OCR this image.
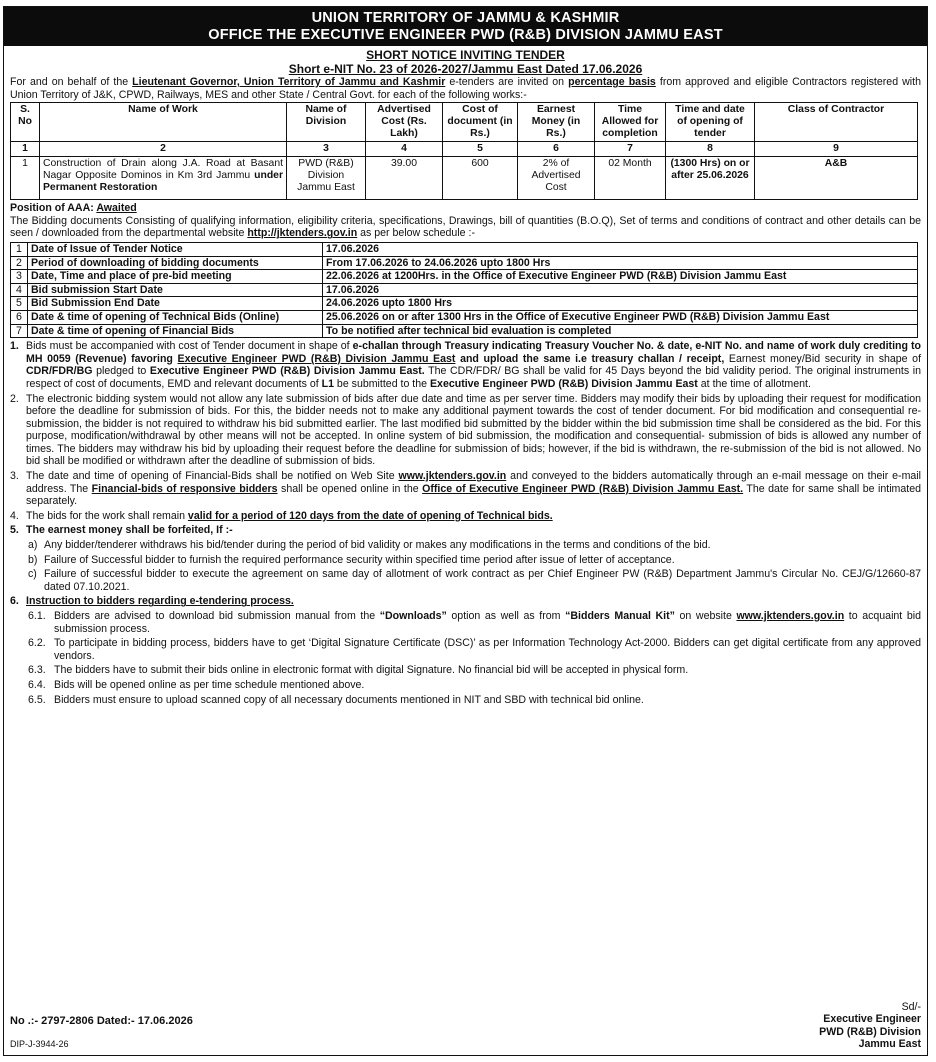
UNION TERRITORY OF JAMMU & KASHMIR
OFFICE THE EXECUTIVE ENGINEER PWD (R&B) DIVISION JAMMU EAST
SHORT NOTICE INVITING TENDER
Short e-NIT No. 23 of 2026-2027/Jammu East Dated 17.06.2026
For and on behalf of the Lieutenant Governor, Union Territory of Jammu and Kashmir e-tenders are invited on percentage basis from approved and eligible Contractors registered with Union Territory of J&K, CPWD, Railways, MES and other State / Central Govt. for each of the following works:-
S. No	Name of Work	Name of Division	Advertised Cost (Rs. Lakh)	Cost of document (in Rs.)	Earnest Money (in Rs.)	Time Allowed for completion	Time and date of opening of tender	Class of Contractor
1	2	3	4	5	6	7	8	9
1	Construction of Drain along J.A. Road at Basant Nagar Opposite Dominos in Km 3rd Jammu under Permanent Restoration	PWD (R&B) Division Jammu East	39.00	600	2% of Advertised Cost	02 Month	(1300 Hrs) on or after 25.06.2026	A&B
Position of AAA: Awaited
The Bidding documents Consisting of qualifying information, eligibility criteria, specifications, Drawings, bill of quantities (B.O.Q), Set of terms and conditions of contract and other details can be seen / downloaded from the departmental website http://jktenders.gov.in as per below schedule :-
1	Date of Issue of Tender Notice	17.06.2026
2	Period of downloading of bidding documents	From 17.06.2026 to 24.06.2026 upto 1800 Hrs
3	Date, Time and place of pre-bid meeting	22.06.2026 at 1200Hrs. in the Office of Executive Engineer PWD (R&B) Division Jammu East
4	Bid submission Start Date	17.06.2026
5	Bid Submission End Date	24.06.2026 upto 1800 Hrs
6	Date & time of opening of Technical Bids (Online)	25.06.2026 on or after 1300 Hrs in the Office of Executive Engineer PWD (R&B) Division Jammu East
7	Date & time of opening of Financial Bids	To be notified after technical bid evaluation is completed
1. Bids must be accompanied with cost of Tender document in shape of e-challan through Treasury indicating Treasury Voucher No. & date, e-NIT No. and name of work duly crediting to MH 0059 (Revenue) favoring Executive Engineer PWD (R&B) Division Jammu East and upload the same i.e treasury challan / receipt, Earnest money/Bid security in shape of CDR/FDR/BG pledged to Executive Engineer PWD (R&B) Division Jammu East. The CDR/FDR/ BG shall be valid for 45 Days beyond the bid validity period. The original instruments in respect of cost of documents, EMD and relevant documents of L1 be submitted to the Executive Engineer PWD (R&B) Division Jammu East at the time of allotment.
2. The electronic bidding system would not allow any late submission of bids after due date and time as per server time. Bidders may modify their bids by uploading their request for modification before the deadline for submission of bids. For this, the bidder needs not to make any additional payment towards the cost of tender document. For bid modification and consequential re-submission, the bidder is not required to withdraw his bid submitted earlier. The last modified bid submitted by the bidder within the bid submission time shall be considered as the bid. For this purpose, modification/withdrawal by other means will not be accepted. In online system of bid submission, the modification and consequential- submission of bids is allowed any number of times. The bidders may withdraw his bid by uploading their request before the deadline for submission of bids; however, if the bid is withdrawn, the re-submission of the bid is not allowed. No bid shall be modified or withdrawn after the deadline of submission of bids.
3. The date and time of opening of Financial-Bids shall be notified on Web Site www.jktenders.gov.in and conveyed to the bidders automatically through an e-mail message on their e-mail address. The Financial-bids of responsive bidders shall be opened online in the Office of Executive Engineer PWD (R&B) Division Jammu East. The date for same shall be intimated separately.
4. The bids for the work shall remain valid for a period of 120 days from the date of opening of Technical bids.
5. The earnest money shall be forfeited, If :-
a) Any bidder/tenderer withdraws his bid/tender during the period of bid validity or makes any modifications in the terms and conditions of the bid.
b) Failure of Successful bidder to furnish the required performance security within specified time period after issue of letter of acceptance.
c) Failure of successful bidder to execute the agreement on same day of allotment of work contract as per Chief Engineer PW (R&B) Department Jammu's Circular No. CEJ/G/12660-87 dated 07.10.2021.
6. Instruction to bidders regarding e-tendering process.
6.1. Bidders are advised to download bid submission manual from the “Downloads” option as well as from “Bidders Manual Kit” on website www.jktenders.gov.in to acquaint bid submission process.
6.2. To participate in bidding process, bidders have to get ‘Digital Signature Certificate (DSC)’ as per Information Technology Act-2000. Bidders can get digital certificate from any approved vendors.
6.3. The bidders have to submit their bids online in electronic format with digital Signature. No financial bid will be accepted in physical form.
6.4. Bids will be opened online as per time schedule mentioned above.
6.5. Bidders must ensure to upload scanned copy of all necessary documents mentioned in NIT and SBD with technical bid online.
Sd/-
Executive Engineer
PWD (R&B) Division
Jammu East
No .:- 2797-2806 Dated:- 17.06.2026
DIP-J-3944-26
